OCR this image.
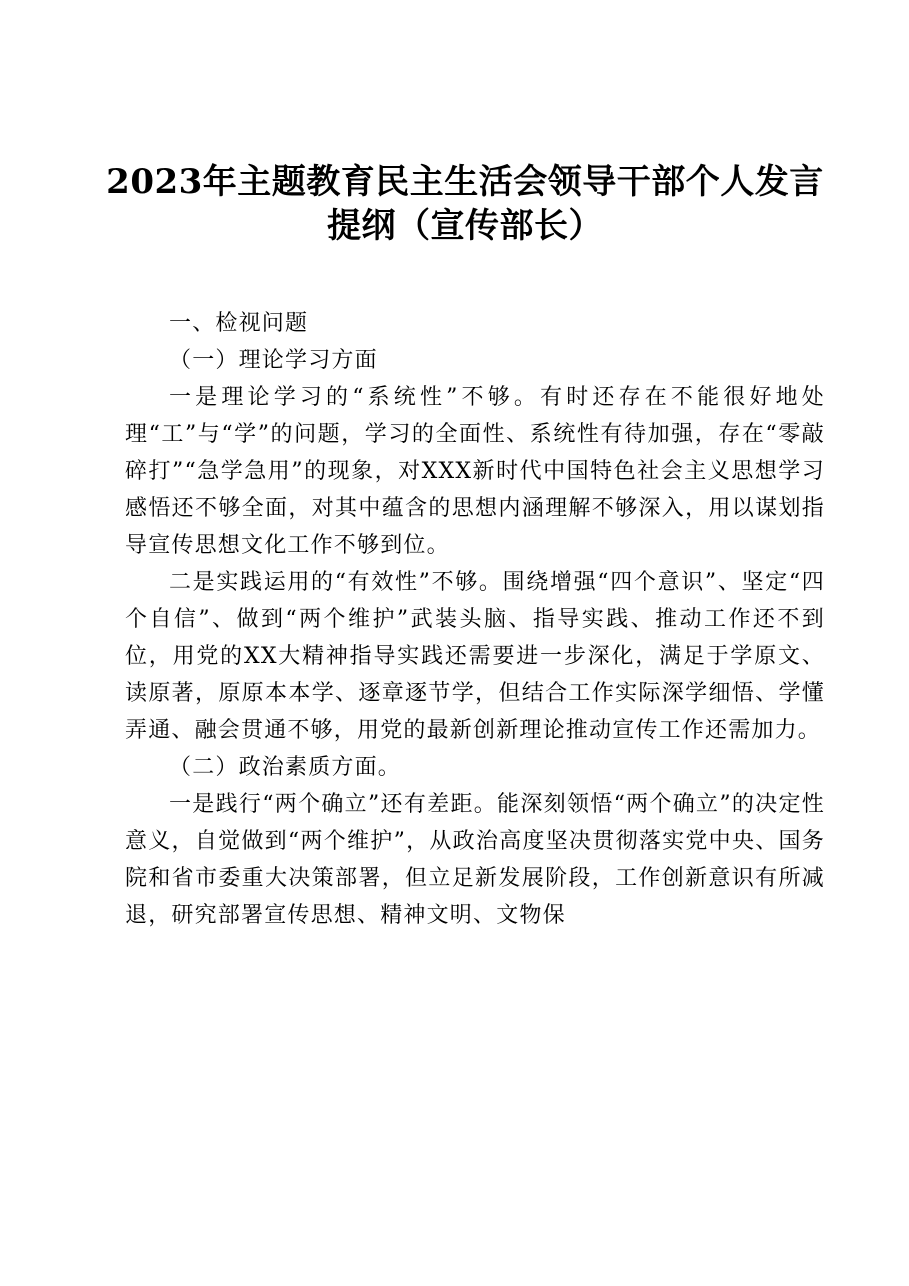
2023年主题教育民主生活会领导干部个人发言提纲（宣传部长）

一、检视问题

（一）理论学习方面

一是理论学习的“系统性”不够。有时还存在不能很好地处理“工”与“学”的问题，学习的全面性、系统性有待加强，存在“零敲碎打”“急学急用”的现象，对XXX新时代中国特色社会主义思想学习感悟还不够全面，对其中蕴含的思想内涵理解不够深入，用以谋划指导宣传思想文化工作不够到位。

二是实践运用的“有效性”不够。围绕增强“四个意识”、坚定“四个自信”、做到“两个维护”武装头脑、指导实践、推动工作还不到位，用党的XX大精神指导实践还需要进一步深化，满足于学原文、读原著，原原本本学、逐章逐节学，但结合工作实际深学细悟、学懂弄通、融会贯通不够，用党的最新创新理论推动宣传工作还需加力。

（二）政治素质方面。

一是践行“两个确立”还有差距。能深刻领悟“两个确立”的决定性意义，自觉做到“两个维护”，从政治高度坚决贯彻落实党中央、国务院和省市委重大决策部署，但立足新发展阶段，工作创新意识有所减退，研究部署宣传思想、精神文明、文物保
